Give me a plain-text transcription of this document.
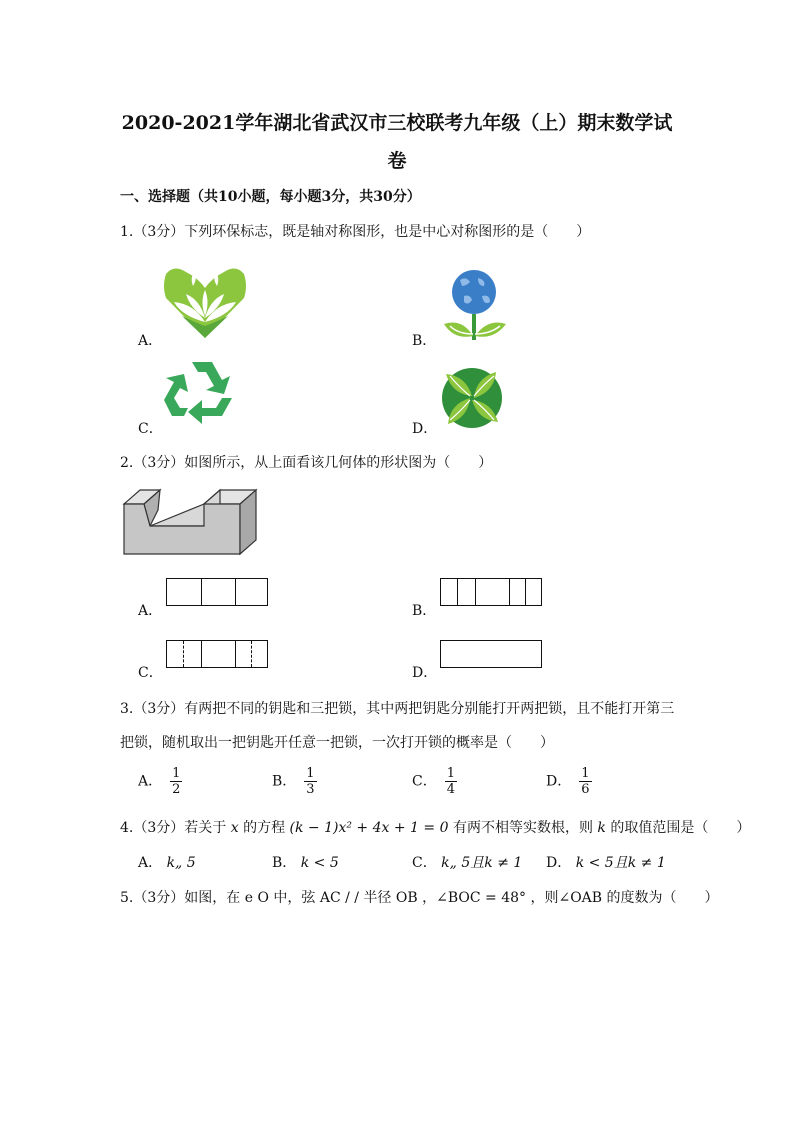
2020-2021学年湖北省武汉市三校联考九年级（上）期末数学试
卷
一、选择题（共10小题，每小题3分，共30分）
1.（3分）下列环保标志，既是轴对称图形，也是中心对称图形的是（　　）
A．	B．
C．	D．
2.（3分）如图所示，从上面看该几何体的形状图为（　　）
A．	B．
C．	D．
3.（3分）有两把不同的钥匙和三把锁，其中两把钥匙分别能打开两把锁，且不能打开第三
把锁，随机取出一把钥匙开任意一把锁，一次打开锁的概率是（　　）
A． $\frac{1}{2}$	B． $\frac{1}{3}$	C． $\frac{1}{4}$	D． $\frac{1}{6}$
4.（3分）若关于 x 的方程 (k − 1)x² + 4x + 1 = 0 有两不相等实数根，则 k 的取值范围是（　　）
A． k„ 5	B． k < 5	C． k„ 5且k ≠ 1 D． k < 5且k ≠ 1
5.（3分）如图，在 e O 中，弦 AC / / 半径 OB ，∠BOC = 48° ，则∠OAB 的度数为（　　）
